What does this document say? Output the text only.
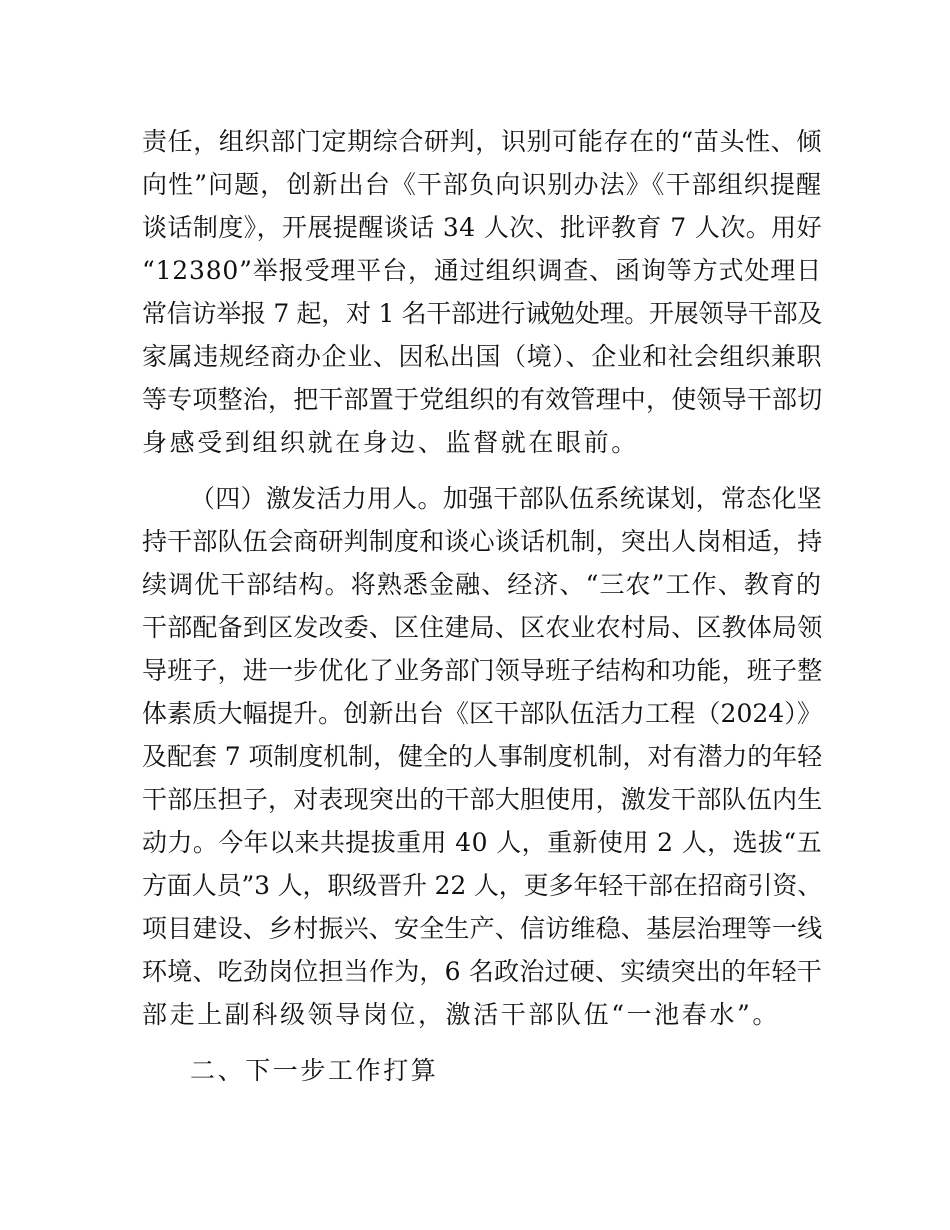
责任，组织部门定期综合研判，识别可能存在的“苗头性、倾
向性”问题，创新出台《干部负向识别办法》《干部组织提醒
谈话制度》，开展提醒谈话 34 人次、批评教育 7 人次。用好
“12380”举报受理平台，通过组织调查、函询等方式处理日
常信访举报 7 起，对 1 名干部进行诫勉处理。开展领导干部及
家属违规经商办企业、因私出国（境）、企业和社会组织兼职
等专项整治，把干部置于党组织的有效管理中，使领导干部切
身感受到组织就在身边、监督就在眼前。
（四）激发活力用人。加强干部队伍系统谋划，常态化坚
持干部队伍会商研判制度和谈心谈话机制，突出人岗相适，持
续调优干部结构。将熟悉金融、经济、“三农”工作、教育的
干部配备到区发改委、区住建局、区农业农村局、区教体局领
导班子，进一步优化了业务部门领导班子结构和功能，班子整
体素质大幅提升。创新出台《区干部队伍活力工程（2024）》
及配套 7 项制度机制，健全的人事制度机制，对有潜力的年轻
干部压担子，对表现突出的干部大胆使用，激发干部队伍内生
动力。今年以来共提拔重用 40 人，重新使用 2 人，选拔“五
方面人员”3 人，职级晋升 22 人，更多年轻干部在招商引资、
项目建设、乡村振兴、安全生产、信访维稳、基层治理等一线
环境、吃劲岗位担当作为，6 名政治过硬、实绩突出的年轻干
部走上副科级领导岗位，激活干部队伍“一池春水”。
二、下一步工作打算
